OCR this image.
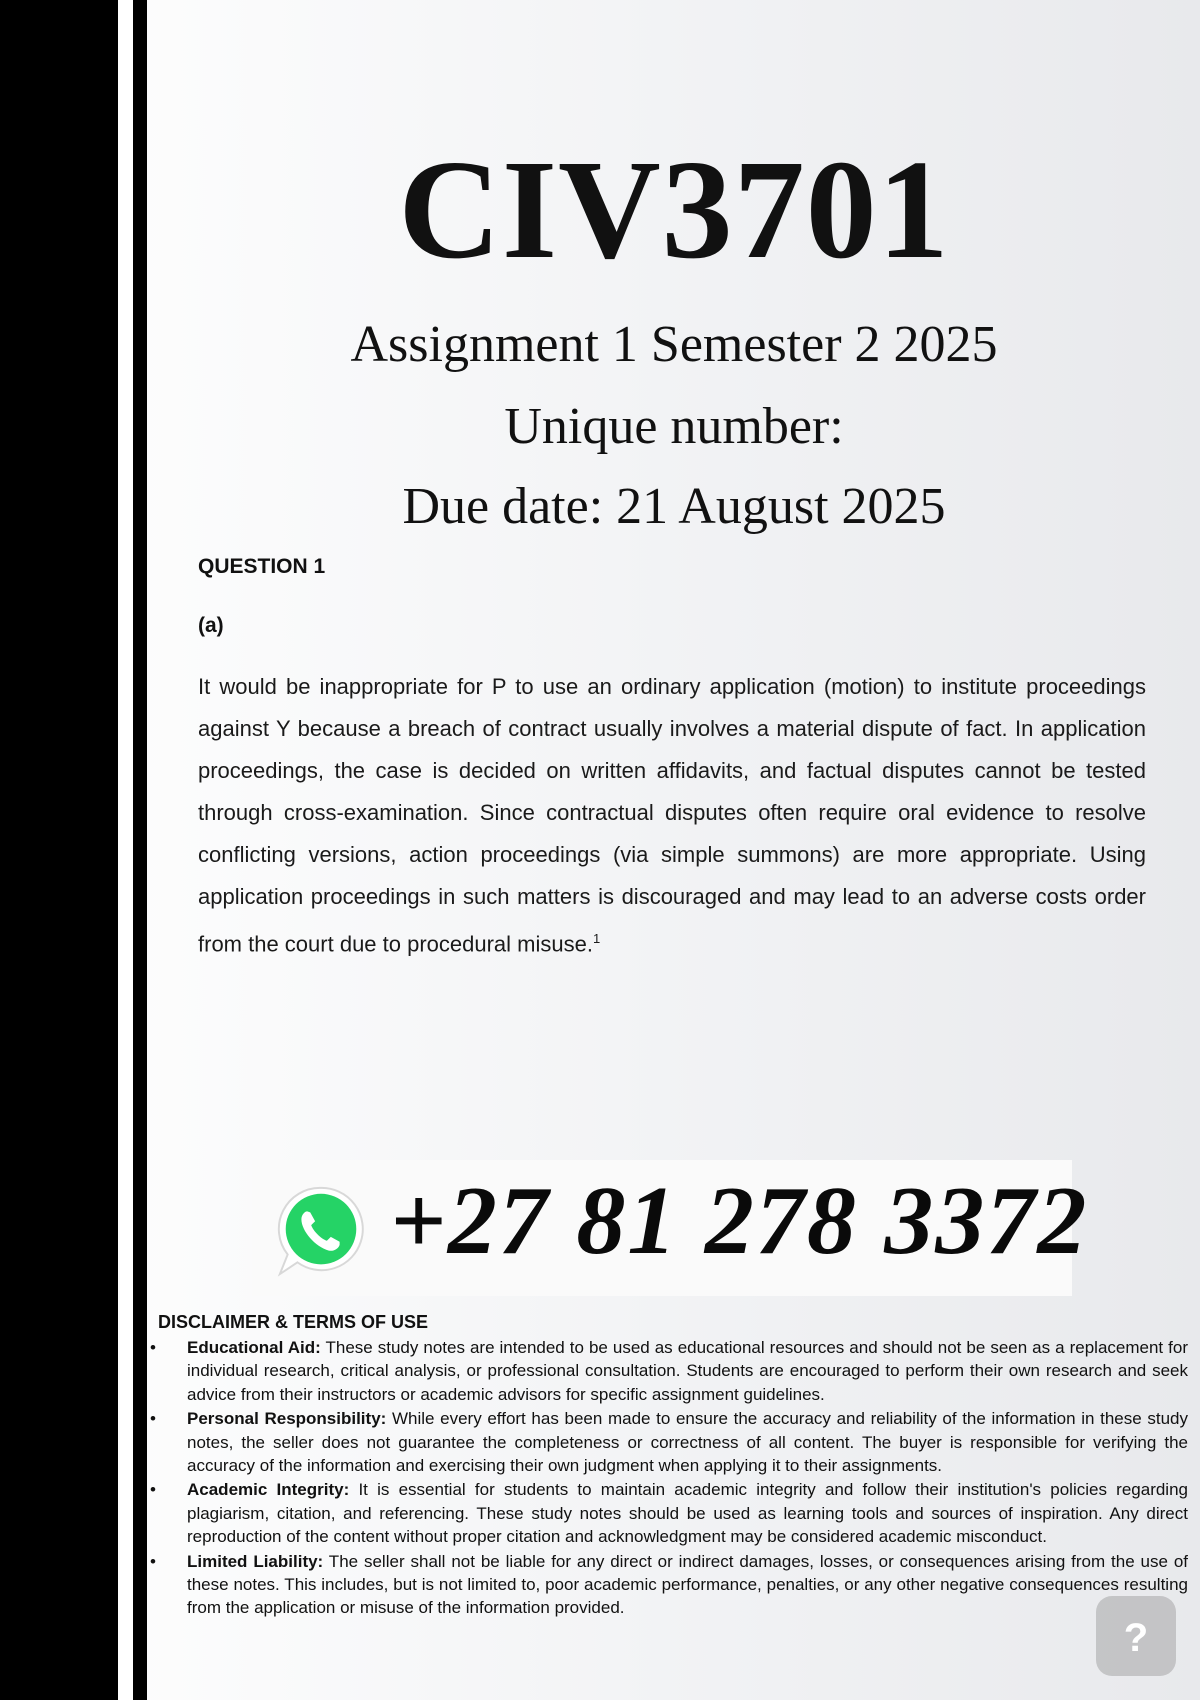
CIV3701
Assignment 1 Semester 2 2025
Unique number:
Due date: 21 August 2025
QUESTION 1
(a)

It would be inappropriate for P to use an ordinary application (motion) to institute proceedings against Y because a breach of contract usually involves a material dispute of fact. In application proceedings, the case is decided on written affidavits, and factual disputes cannot be tested through cross-examination. Since contractual disputes often require oral evidence to resolve conflicting versions, action proceedings (via simple summons) are more appropriate. Using application proceedings in such matters is discouraged and may lead to an adverse costs order from the court due to procedural misuse.$^1$

+27 81 278 3372
DISCLAIMER & TERMS OF USE
• Educational Aid: These study notes are intended to be used as educational resources and should not be seen as a replacement for individual research, critical analysis, or professional consultation. Students are encouraged to perform their own research and seek advice from their instructors or academic advisors for specific assignment guidelines.
• Personal Responsibility: While every effort has been made to ensure the accuracy and reliability of the information in these study notes, the seller does not guarantee the completeness or correctness of all content. The buyer is responsible for verifying the accuracy of the information and exercising their own judgment when applying it to their assignments.
• Academic Integrity: It is essential for students to maintain academic integrity and follow their institution's policies regarding plagiarism, citation, and referencing. These study notes should be used as learning tools and sources of inspiration. Any direct reproduction of the content without proper citation and acknowledgment may be considered academic misconduct.
• Limited Liability: The seller shall not be liable for any direct or indirect damages, losses, or consequences arising from the use of these notes. This includes, but is not limited to, poor academic performance, penalties, or any other negative consequences resulting from the application or misuse of the information provided.
?
